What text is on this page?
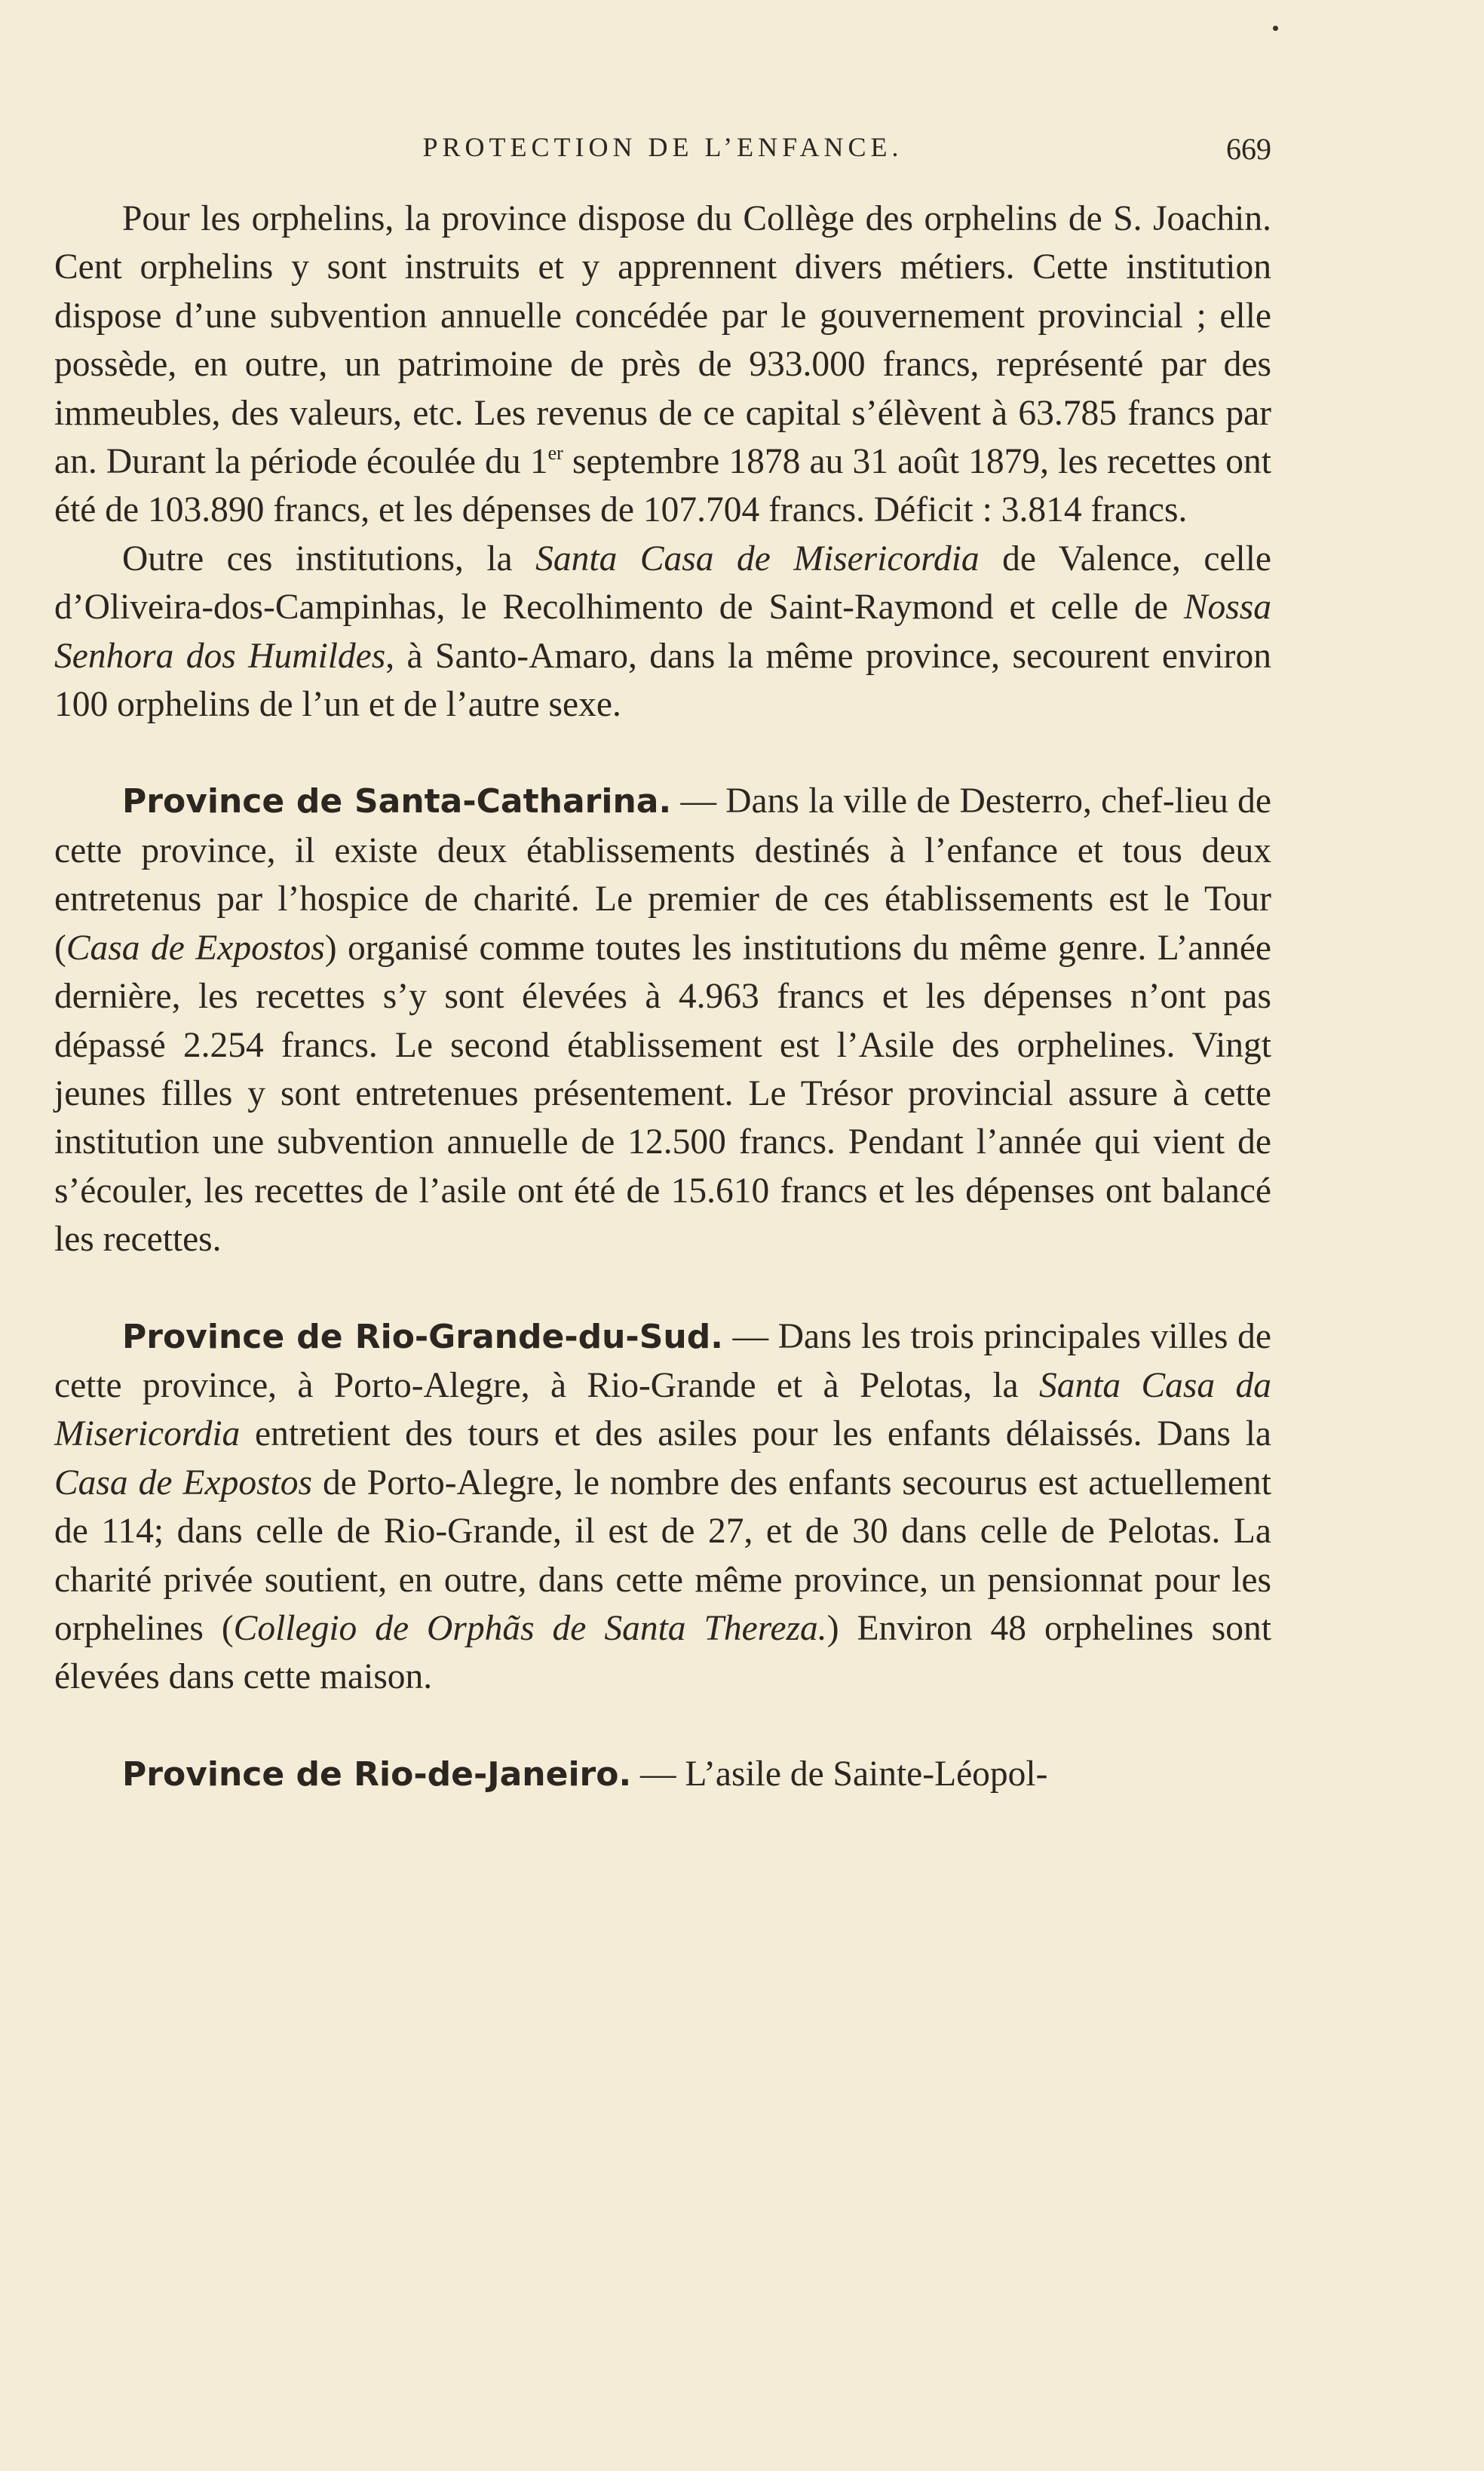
PROTECTION DE L’ENFANCE.	669

Pour les orphelins, la province dispose du Collège des orphelins de S. Joachin. Cent orphelins y sont instruits et y apprennent divers métiers. Cette institution dispose d’une subvention annuelle concédée par le gouvernement provincial ; elle possède, en outre, un patrimoine de près de 933.000 francs, représenté par des immeubles, des valeurs, etc. Les revenus de ce capital s’élèvent à 63.785 francs par an. Durant la période écoulée du 1er septembre 1878 au 31 août 1879, les recettes ont été de 103.890 francs, et les dépenses de 107.704 francs. Déficit : 3.814 francs.

Outre ces institutions, la Santa Casa de Misericordia de Valence, celle d’Oliveira-dos-Campinhas, le Recolhimento de Saint-Raymond et celle de Nossa Senhora dos Humildes, à Santo-Amaro, dans la même province, secourent environ 100 orphelins de l’un et de l’autre sexe.

Province de Santa-Catharina. — Dans la ville de Desterro, chef-lieu de cette province, il existe deux établissements destinés à l’enfance et tous deux entretenus par l’hospice de charité. Le premier de ces établissements est le Tour (Casa de Expostos) organisé comme toutes les institutions du même genre. L’année dernière, les recettes s’y sont élevées à 4.963 francs et les dépenses n’ont pas dépassé 2.254 francs. Le second établissement est l’Asile des orphelines. Vingt jeunes filles y sont entretenues présentement. Le Trésor provincial assure à cette institution une subvention annuelle de 12.500 francs. Pendant l’année qui vient de s’écouler, les recettes de l’asile ont été de 15.610 francs et les dépenses ont balancé les recettes.

Province de Rio-Grande-du-Sud. — Dans les trois principales villes de cette province, à Porto-Alegre, à Rio-Grande et à Pelotas, la Santa Casa da Misericordia entretient des tours et des asiles pour les enfants délaissés. Dans la Casa de Expostos de Porto-Alegre, le nombre des enfants secourus est actuellement de 114; dans celle de Rio-Grande, il est de 27, et de 30 dans celle de Pelotas. La charité privée soutient, en outre, dans cette même province, un pensionnat pour les orphelines (Collegio de Orphãs de Santa Thereza.) Environ 48 orphelines sont élevées dans cette maison.

Province de Rio-de-Janeiro. — L’asile de Sainte-Léopol-
